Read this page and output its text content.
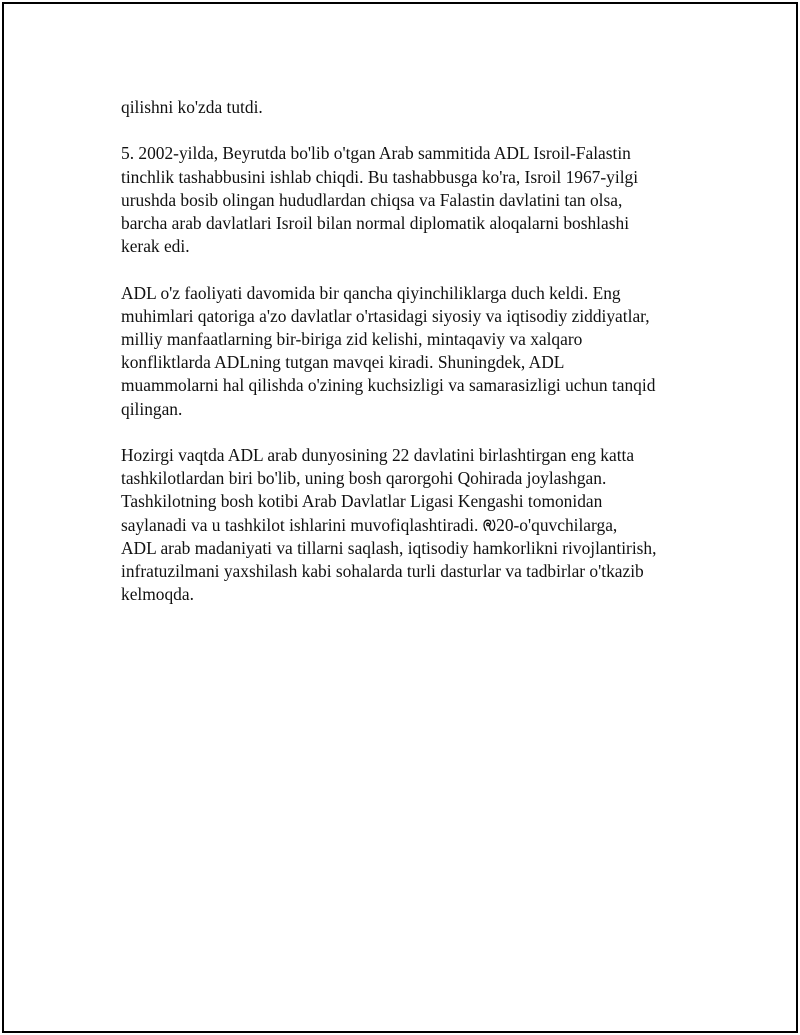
qilishni ko'zda tutdi.

5. 2002-yilda, Beyrutda bo'lib o'tgan Arab sammitida ADL Isroil-Falastin
tinchlik tashabbusini ishlab chiqdi. Bu tashabbusga ko'ra, Isroil 1967-yilgi
urushda bosib olingan hududlardan chiqsa va Falastin davlatini tan olsa,
barcha arab davlatlari Isroil bilan normal diplomatik aloqalarni boshlashi
kerak edi.

ADL o'z faoliyati davomida bir qancha qiyinchiliklarga duch keldi. Eng
muhimlari qatoriga a'zo davlatlar o'rtasidagi siyosiy va iqtisodiy ziddiyatlar,
milliy manfaatlarning bir-biriga zid kelishi, mintaqaviy va xalqaro
konfliktlarda ADLning tutgan mavqei kiradi. Shuningdek, ADL
muammolarni hal qilishda o'zining kuchsizligi va samarasizligi uchun tanqid
qilingan.

Hozirgi vaqtda ADL arab dunyosining 22 davlatini birlashtirgan eng katta
tashkilotlardan biri bo'lib, uning bosh qarorgohi Qohirada joylashgan.
Tashkilotning bosh kotibi Arab Davlatlar Ligasi Kengashi tomonidan
saylanadi va u tashkilot ishlarini muvofiqlashtiradi. ꢯ20-o'quvchilarga,
ADL arab madaniyati va tillarni saqlash, iqtisodiy hamkorlikni rivojlantirish,
infratuzilmani yaxshilash kabi sohalarda turli dasturlar va tadbirlar o'tkazib
kelmoqda.
